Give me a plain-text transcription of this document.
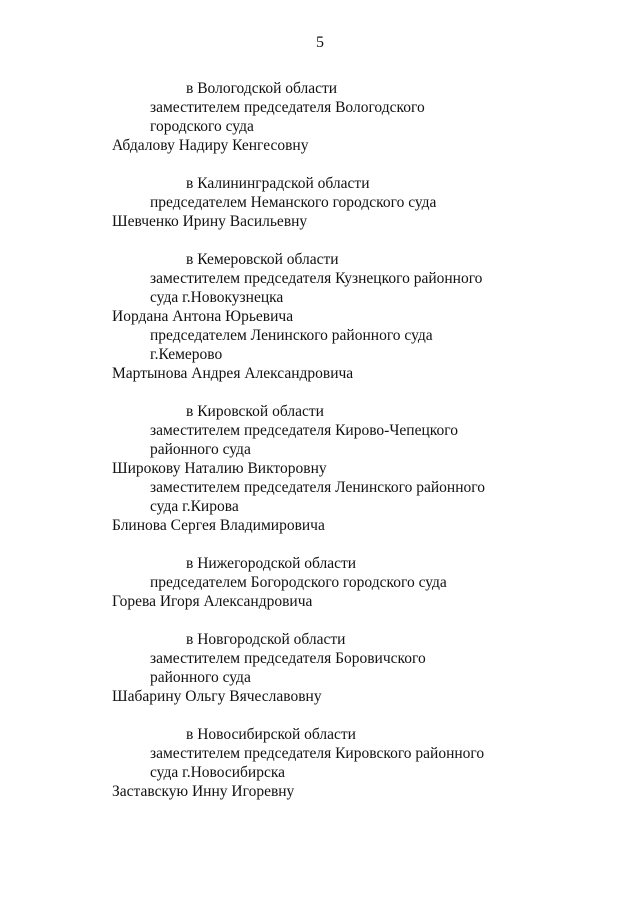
5
в Вологодской области
заместителем председателя Вологодского
городского суда
Абдалову Надиру Кенгесовну
в Калининградской области
председателем Неманского городского суда
Шевченко Ирину Васильевну
в Кемеровской области
заместителем председателя Кузнецкого районного
суда г.Новокузнецка
Иордана Антона Юрьевича
председателем Ленинского районного суда
г.Кемерово
Мартынова Андрея Александровича
в Кировской области
заместителем председателя Кирово-Чепецкого
районного суда
Широкову Наталию Викторовну
заместителем председателя Ленинского районного
суда г.Кирова
Блинова Сергея Владимировича
в Нижегородской области
председателем Богородского городского суда
Горева Игоря Александровича
в Новгородской области
заместителем председателя Боровичского
районного суда
Шабарину Ольгу Вячеславовну
в Новосибирской области
заместителем председателя Кировского районного
суда г.Новосибирска
Заставскую Инну Игоревну
